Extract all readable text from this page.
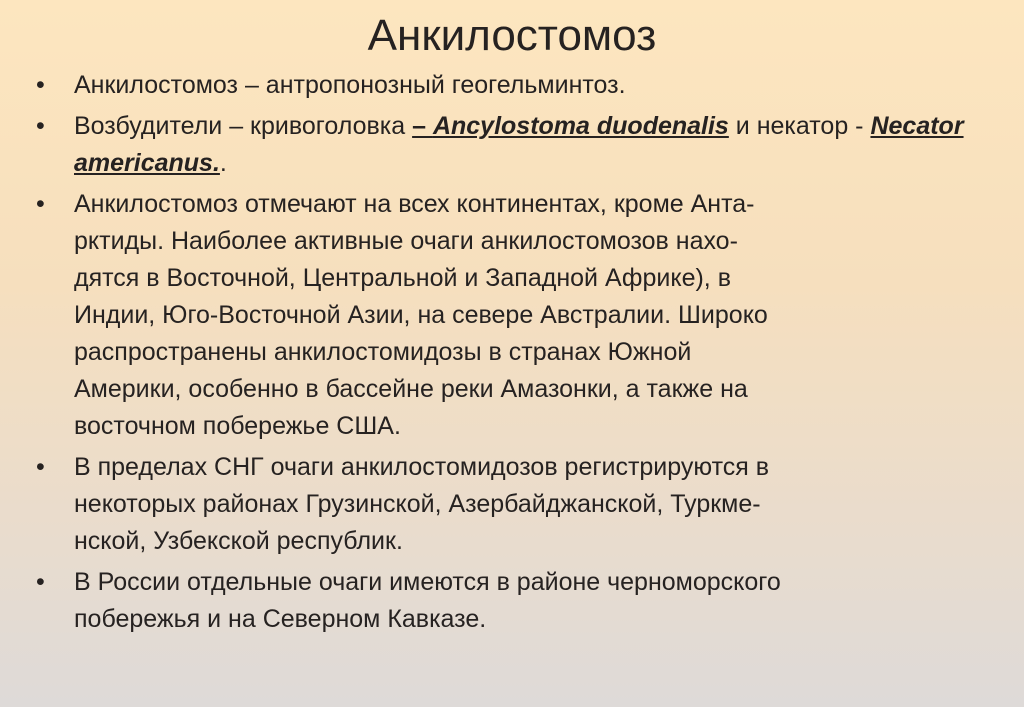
Анкилостомоз
• Анкилостомоз – антропонозный геогельминтоз.
• Возбудители – кривоголовка – Ancylostoma duodenalis и некатор - Necator americanus..
• Анкилостомоз отмечают на всех континентах, кроме Анта-
рктиды. Наиболее активные очаги анкилостомозов нахо-
дятся в Восточной, Центральной и Западной Африке), в
Индии, Юго-Восточной Азии, на севере Австралии. Широко
распространены анкилостомидозы в странах Южной
Америки, особенно в бассейне реки Амазонки, а также на
восточном побережье США.
• В пределах СНГ очаги анкилостомидозов регистрируются в
некоторых районах Грузинской, Азербайджанской, Туркме-
нской, Узбекской республик.
• В России отдельные очаги имеются в районе черноморского
побережья и на Северном Кавказе.
